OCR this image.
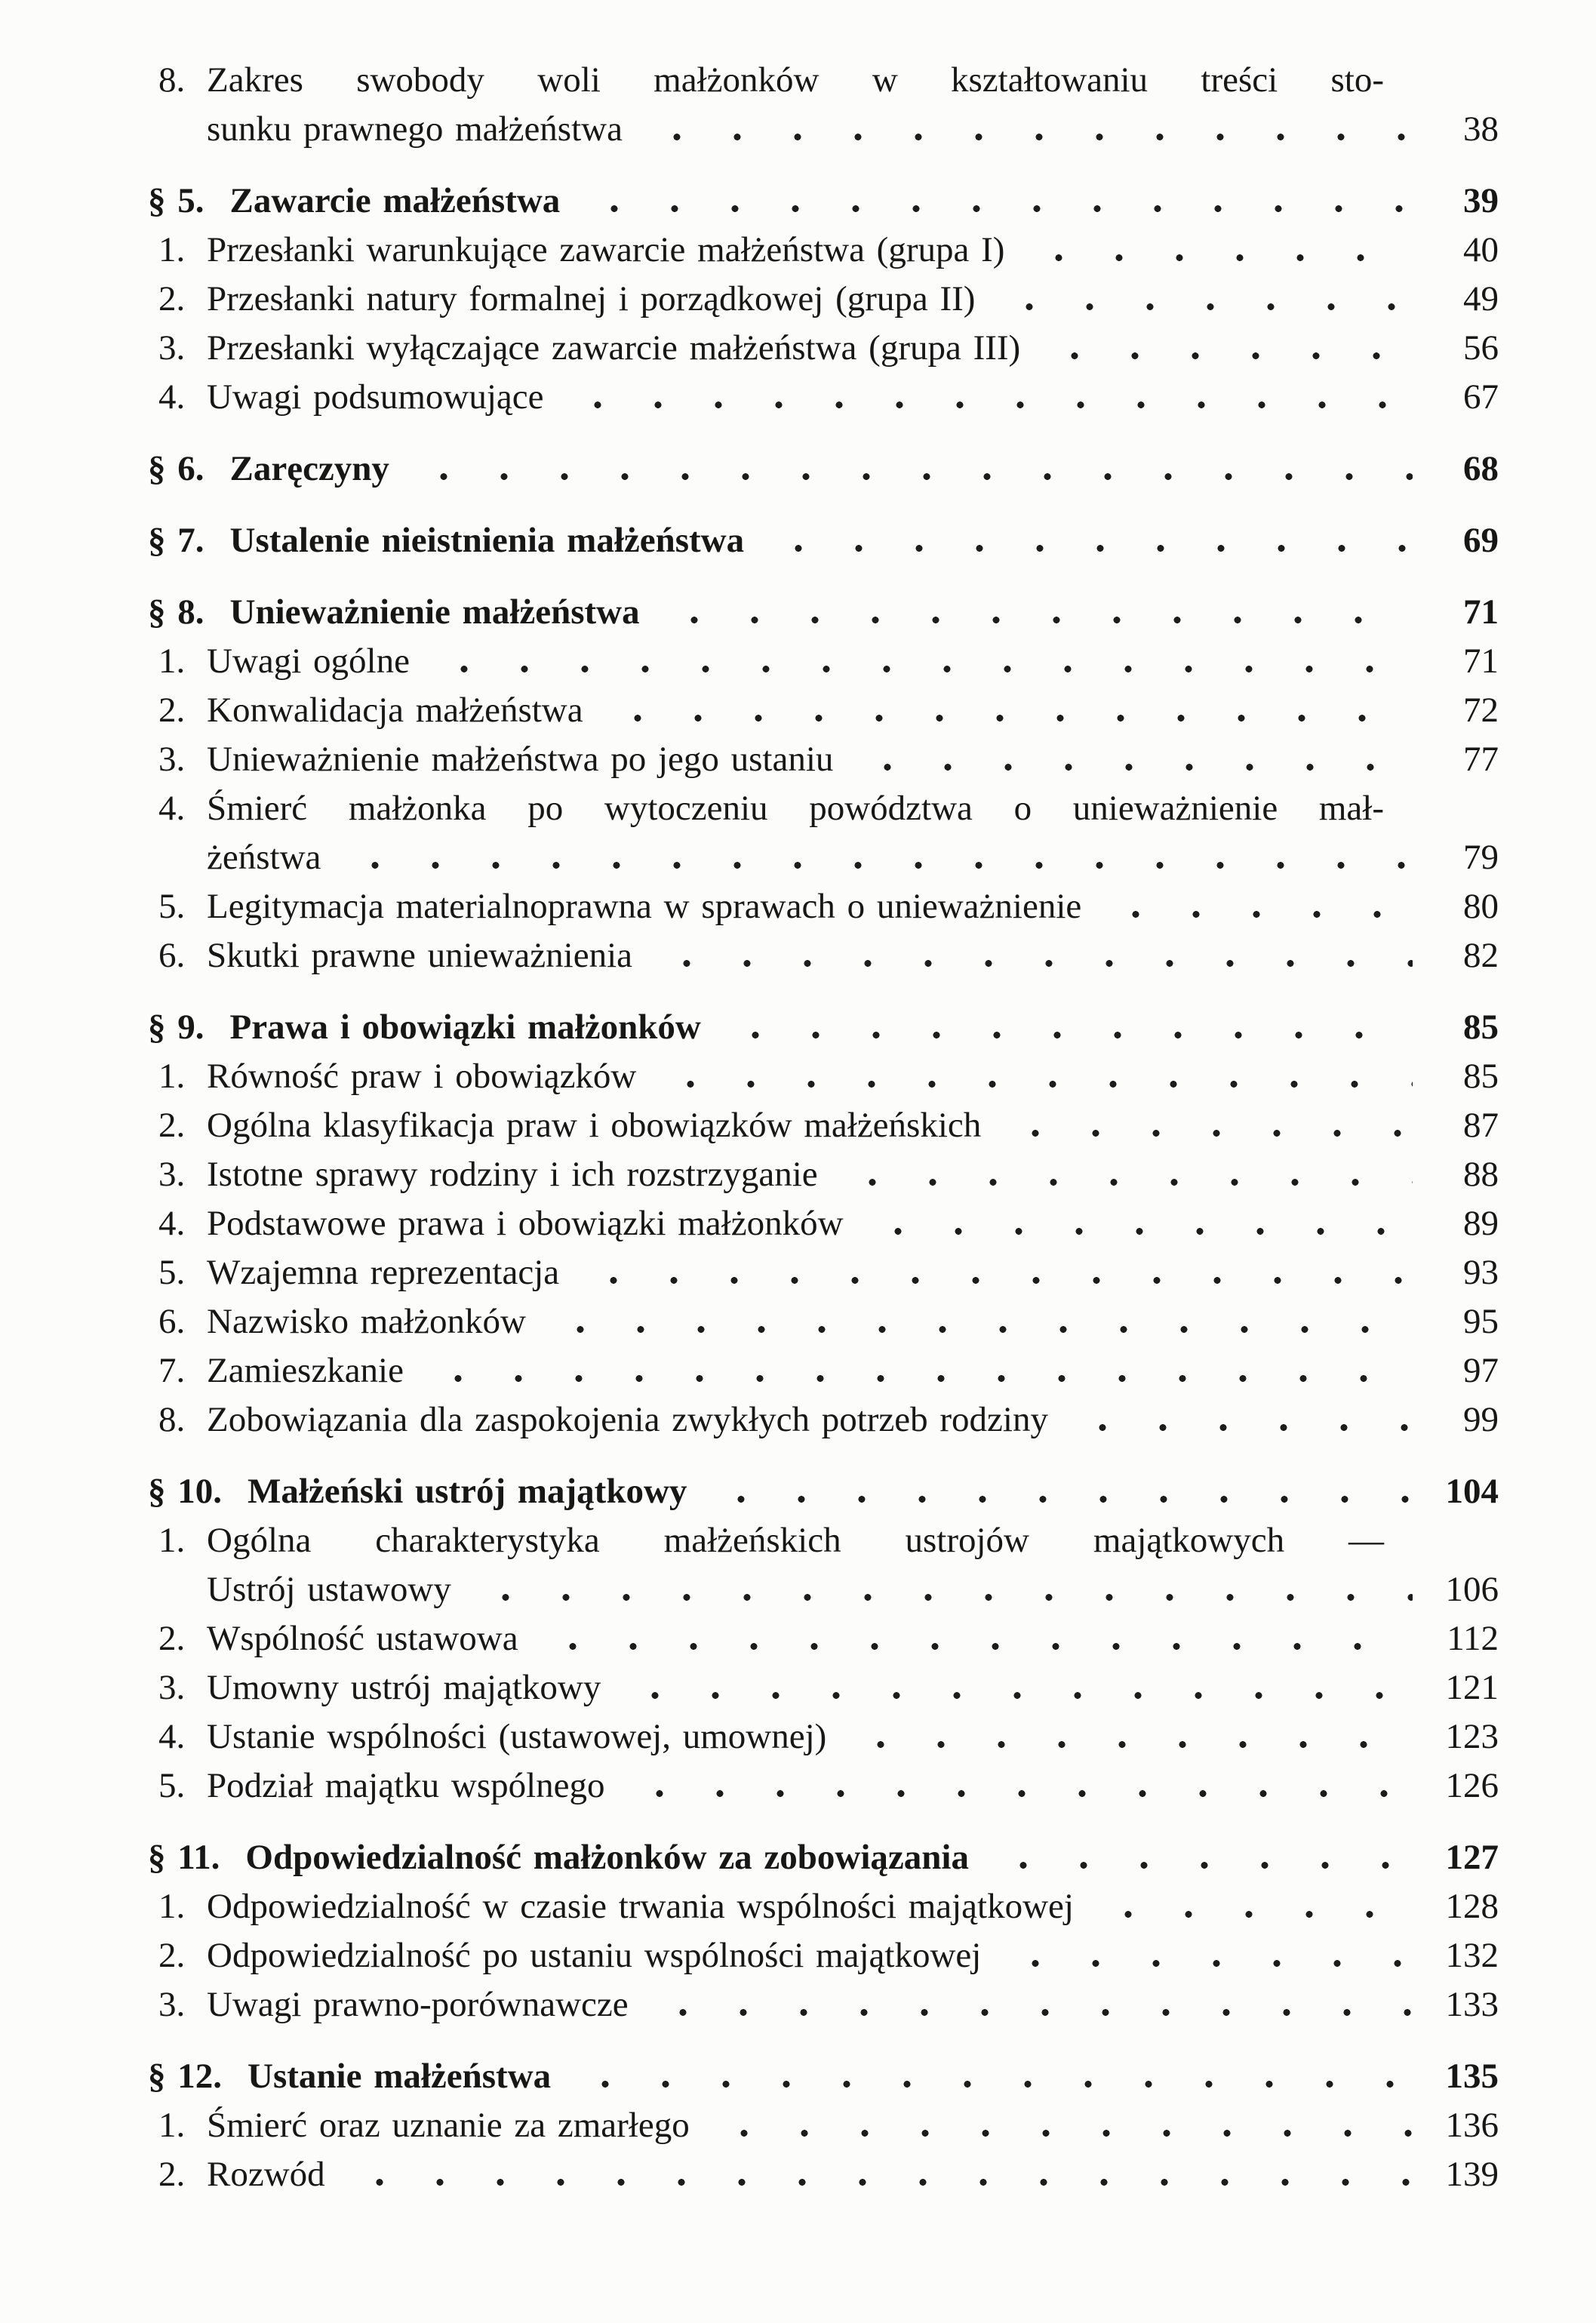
8. Zakres swobody woli małżonków w kształtowaniu treści sto-
sunku prawnego małżeństwa	38
§ 5. Zawarcie małżeństwa	39
1. Przesłanki warunkujące zawarcie małżeństwa (grupa I)	40
2. Przesłanki natury formalnej i porządkowej (grupa II)	49
3. Przesłanki wyłączające zawarcie małżeństwa (grupa III)	56
4. Uwagi podsumowujące	67
§ 6. Zaręczyny	68
§ 7. Ustalenie nieistnienia małżeństwa	69
§ 8. Unieważnienie małżeństwa	71
1. Uwagi ogólne	71
2. Konwalidacja małżeństwa	72
3. Unieważnienie małżeństwa po jego ustaniu	77
4. Śmierć małżonka po wytoczeniu powództwa o unieważnienie mał-
żeństwa	79
5. Legitymacja materialnoprawna w sprawach o unieważnienie	80
6. Skutki prawne unieważnienia	82
§ 9. Prawa i obowiązki małżonków	85
1. Równość praw i obowiązków	85
2. Ogólna klasyfikacja praw i obowiązków małżeńskich	87
3. Istotne sprawy rodziny i ich rozstrzyganie	88
4. Podstawowe prawa i obowiązki małżonków	89
5. Wzajemna reprezentacja	93
6. Nazwisko małżonków	95
7. Zamieszkanie	97
8. Zobowiązania dla zaspokojenia zwykłych potrzeb rodziny	99
§ 10. Małżeński ustrój majątkowy	104
1. Ogólna charakterystyka małżeńskich ustrojów majątkowych —
Ustrój ustawowy	106
2. Wspólność ustawowa	112
3. Umowny ustrój majątkowy	121
4. Ustanie wspólności (ustawowej, umownej)	123
5. Podział majątku wspólnego	126
§ 11. Odpowiedzialność małżonków za zobowiązania	127
1. Odpowiedzialność w czasie trwania wspólności majątkowej	128
2. Odpowiedzialność po ustaniu wspólności majątkowej	132
3. Uwagi prawno-porównawcze	133
§ 12. Ustanie małżeństwa	135
1. Śmierć oraz uznanie za zmarłego	136
2. Rozwód	139
